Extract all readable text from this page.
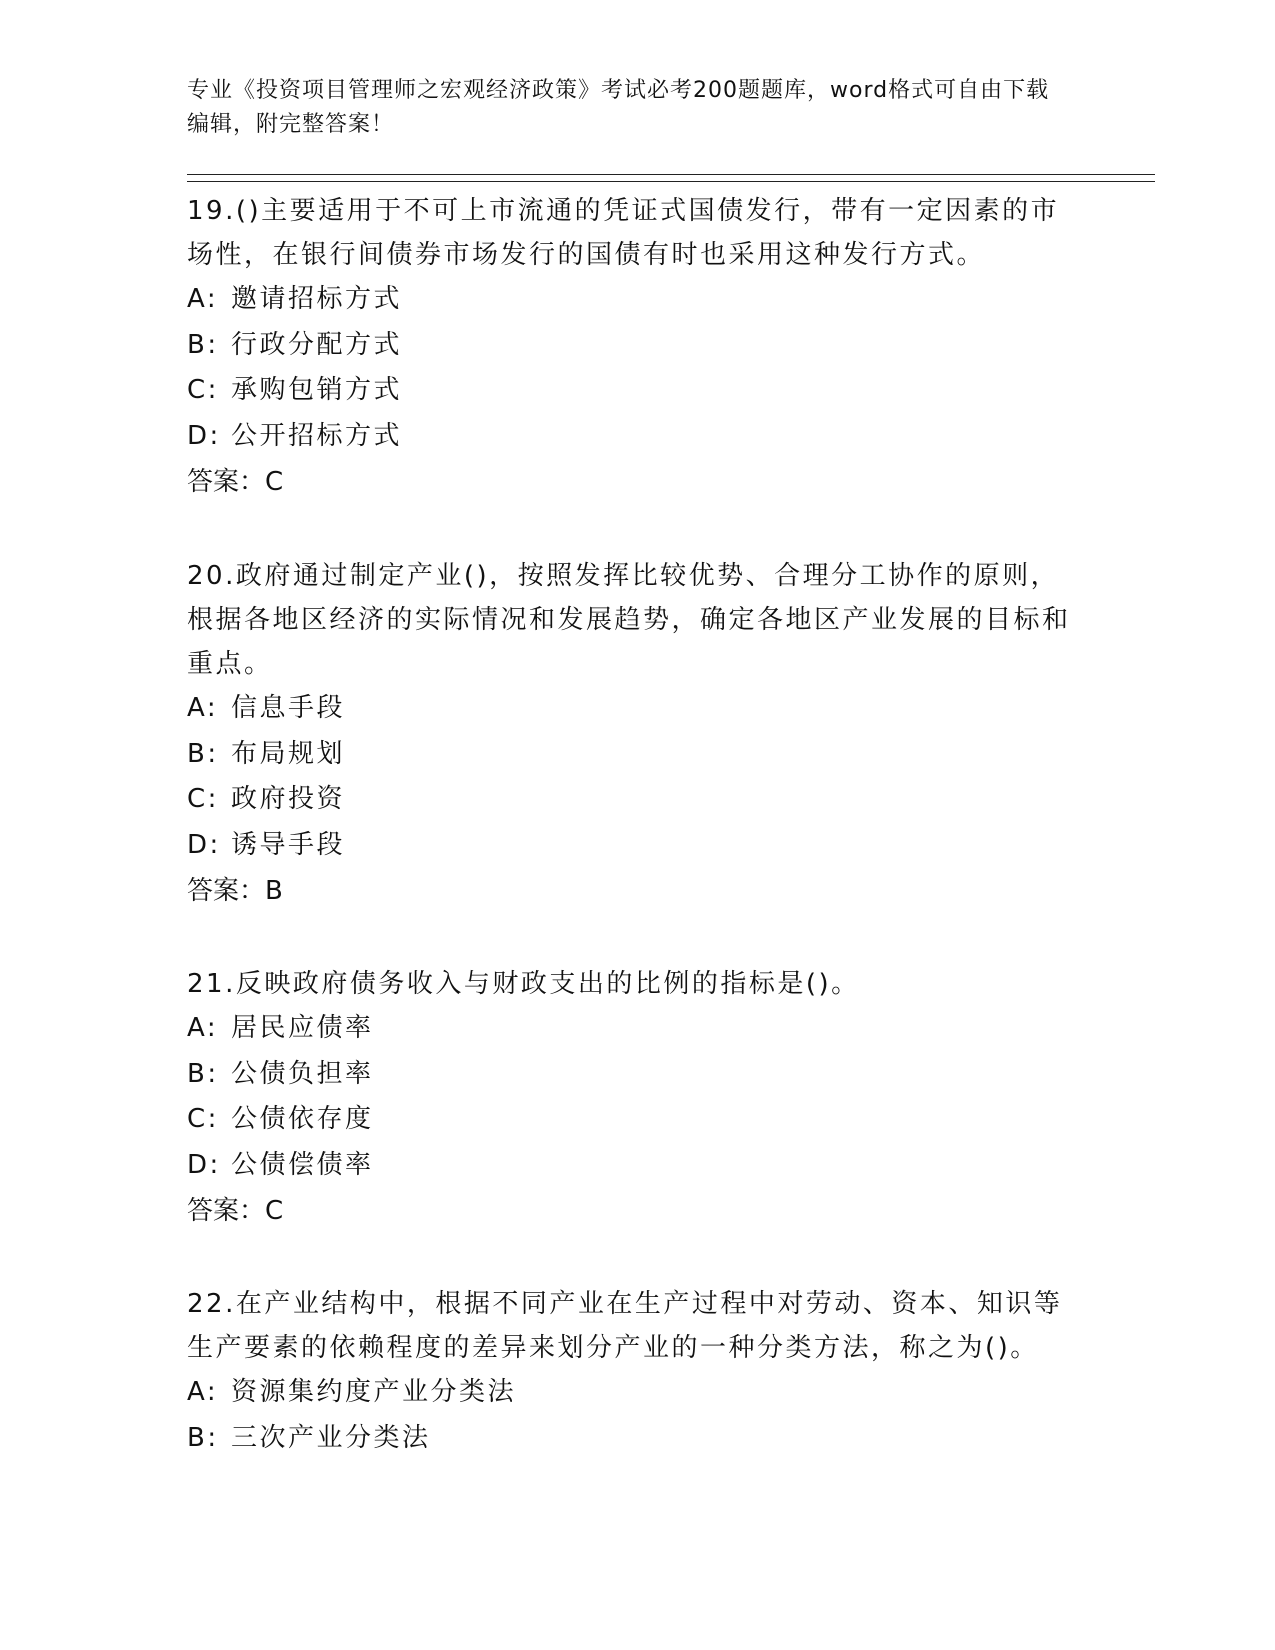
专业《投资项目管理师之宏观经济政策》考试必考200题题库，word格式可自由下载编辑，附完整答案！

19.()主要适用于不可上市流通的凭证式国债发行，带有一定因素的市场性，在银行间债券市场发行的国债有时也采用这种发行方式。

A: 邀请招标方式

B: 行政分配方式

C: 承购包销方式

D: 公开招标方式

答案：C

20.政府通过制定产业()，按照发挥比较优势、合理分工协作的原则，根据各地区经济的实际情况和发展趋势，确定各地区产业发展的目标和重点。

A: 信息手段

B: 布局规划

C: 政府投资

D: 诱导手段

答案：B

21.反映政府债务收入与财政支出的比例的指标是()。

A: 居民应债率

B: 公债负担率

C: 公债依存度

D: 公债偿债率

答案：C

22.在产业结构中，根据不同产业在生产过程中对劳动、资本、知识等生产要素的依赖程度的差异来划分产业的一种分类方法，称之为()。

A: 资源集约度产业分类法

B: 三次产业分类法
